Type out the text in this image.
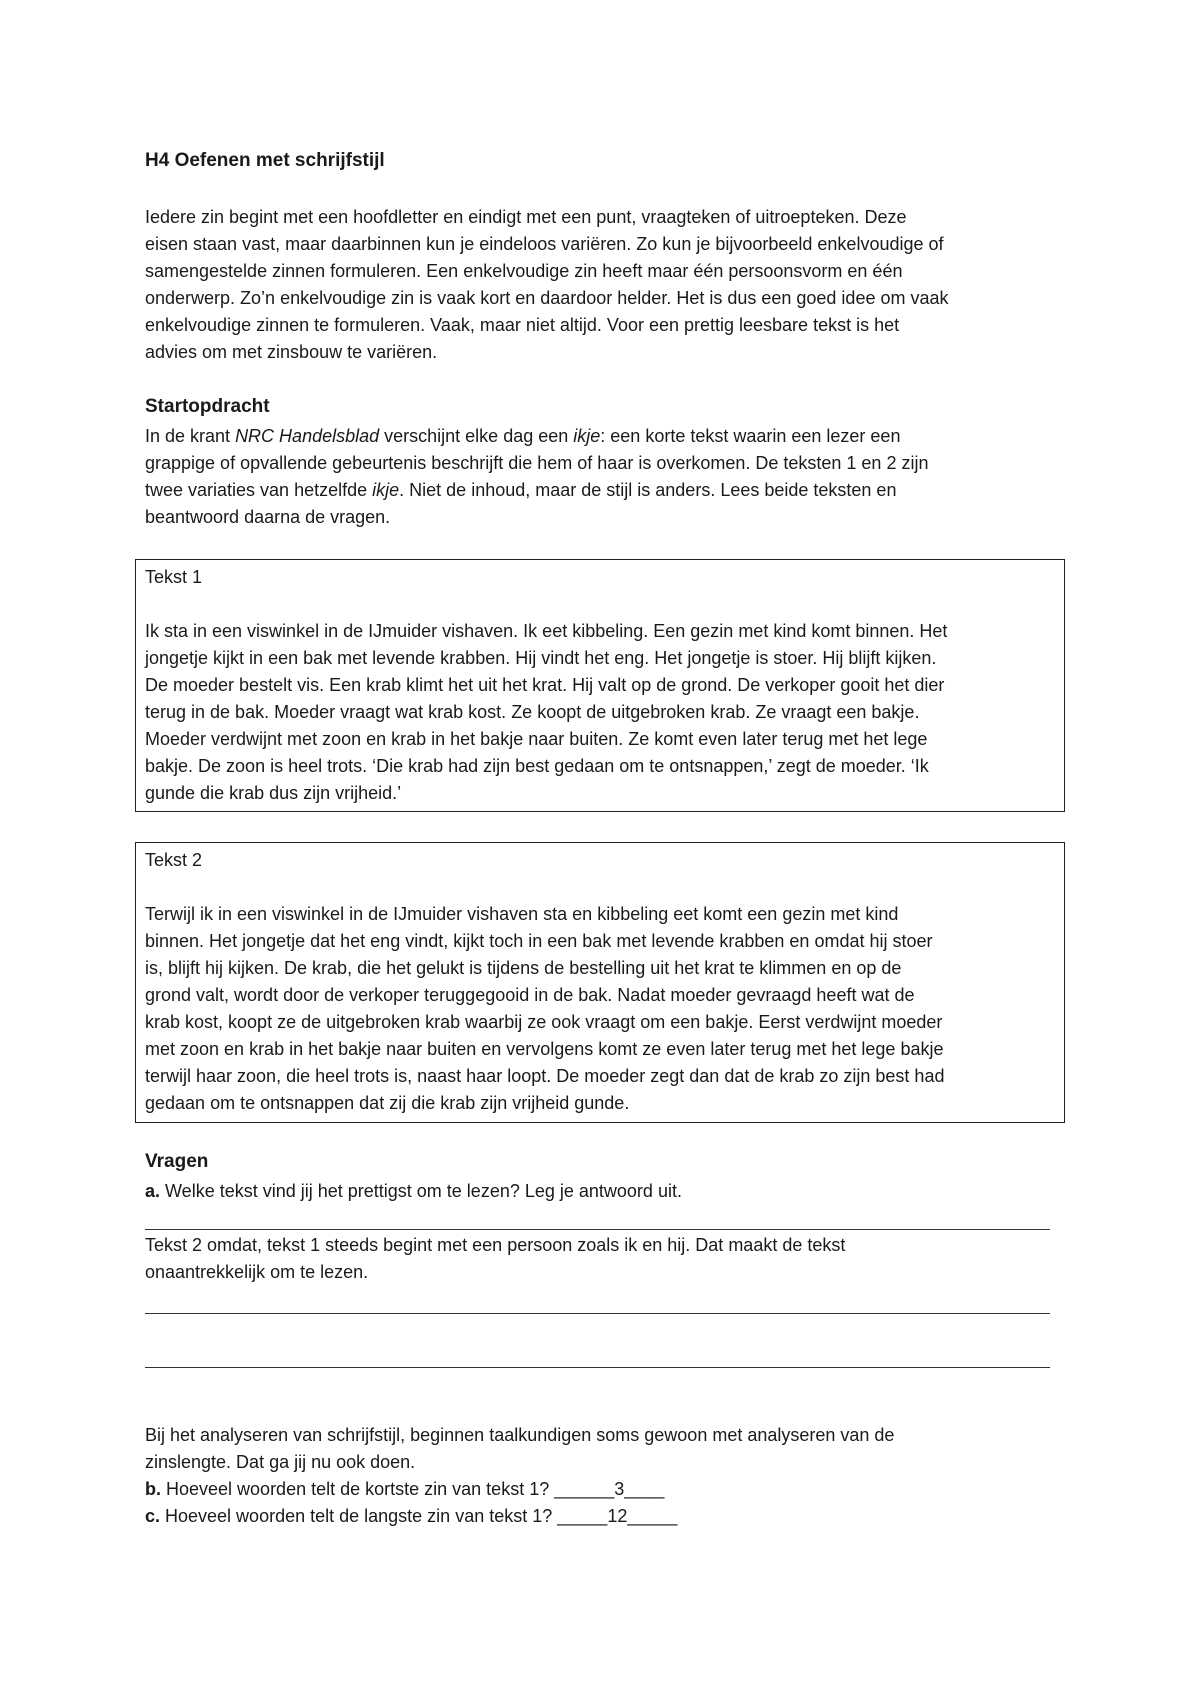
H4 Oefenen met schrijfstijl

Iedere zin begint met een hoofdletter en eindigt met een punt, vraagteken of uitroepteken. Deze
eisen staan vast, maar daarbinnen kun je eindeloos variëren. Zo kun je bijvoorbeeld enkelvoudige of
samengestelde zinnen formuleren. Een enkelvoudige zin heeft maar één persoonsvorm en één
onderwerp. Zo’n enkelvoudige zin is vaak kort en daardoor helder. Het is dus een goed idee om vaak
enkelvoudige zinnen te formuleren. Vaak, maar niet altijd. Voor een prettig leesbare tekst is het
advies om met zinsbouw te variëren.

Startopdracht

In de krant NRC Handelsblad verschijnt elke dag een ikje: een korte tekst waarin een lezer een
grappige of opvallende gebeurtenis beschrijft die hem of haar is overkomen. De teksten 1 en 2 zijn
twee variaties van hetzelfde ikje. Niet de inhoud, maar de stijl is anders. Lees beide teksten en
beantwoord daarna de vragen.

Tekst 1

Ik sta in een viswinkel in de IJmuider vishaven. Ik eet kibbeling. Een gezin met kind komt binnen. Het
jongetje kijkt in een bak met levende krabben. Hij vindt het eng. Het jongetje is stoer. Hij blijft kijken.
De moeder bestelt vis. Een krab klimt het uit het krat. Hij valt op de grond. De verkoper gooit het dier
terug in de bak. Moeder vraagt wat krab kost. Ze koopt de uitgebroken krab. Ze vraagt een bakje.
Moeder verdwijnt met zoon en krab in het bakje naar buiten. Ze komt even later terug met het lege
bakje. De zoon is heel trots. ‘Die krab had zijn best gedaan om te ontsnappen,’ zegt de moeder. ‘Ik
gunde die krab dus zijn vrijheid.’

Tekst 2

Terwijl ik in een viswinkel in de IJmuider vishaven sta en kibbeling eet komt een gezin met kind
binnen. Het jongetje dat het eng vindt, kijkt toch in een bak met levende krabben en omdat hij stoer
is, blijft hij kijken. De krab, die het gelukt is tijdens de bestelling uit het krat te klimmen en op de
grond valt, wordt door de verkoper teruggegooid in de bak. Nadat moeder gevraagd heeft wat de
krab kost, koopt ze de uitgebroken krab waarbij ze ook vraagt om een bakje. Eerst verdwijnt moeder
met zoon en krab in het bakje naar buiten en vervolgens komt ze even later terug met het lege bakje
terwijl haar zoon, die heel trots is, naast haar loopt. De moeder zegt dan dat de krab zo zijn best had
gedaan om te ontsnappen dat zij die krab zijn vrijheid gunde.

Vragen

a. Welke tekst vind jij het prettigst om te lezen? Leg je antwoord uit.

Tekst 2 omdat, tekst 1 steeds begint met een persoon zoals ik en hij. Dat maakt de tekst
onaantrekkelijk om te lezen.

Bij het analyseren van schrijfstijl, beginnen taalkundigen soms gewoon met analyseren van de
zinslengte. Dat ga jij nu ook doen.
b. Hoeveel woorden telt de kortste zin van tekst 1? ______3____
c. Hoeveel woorden telt de langste zin van tekst 1? _____12_____
